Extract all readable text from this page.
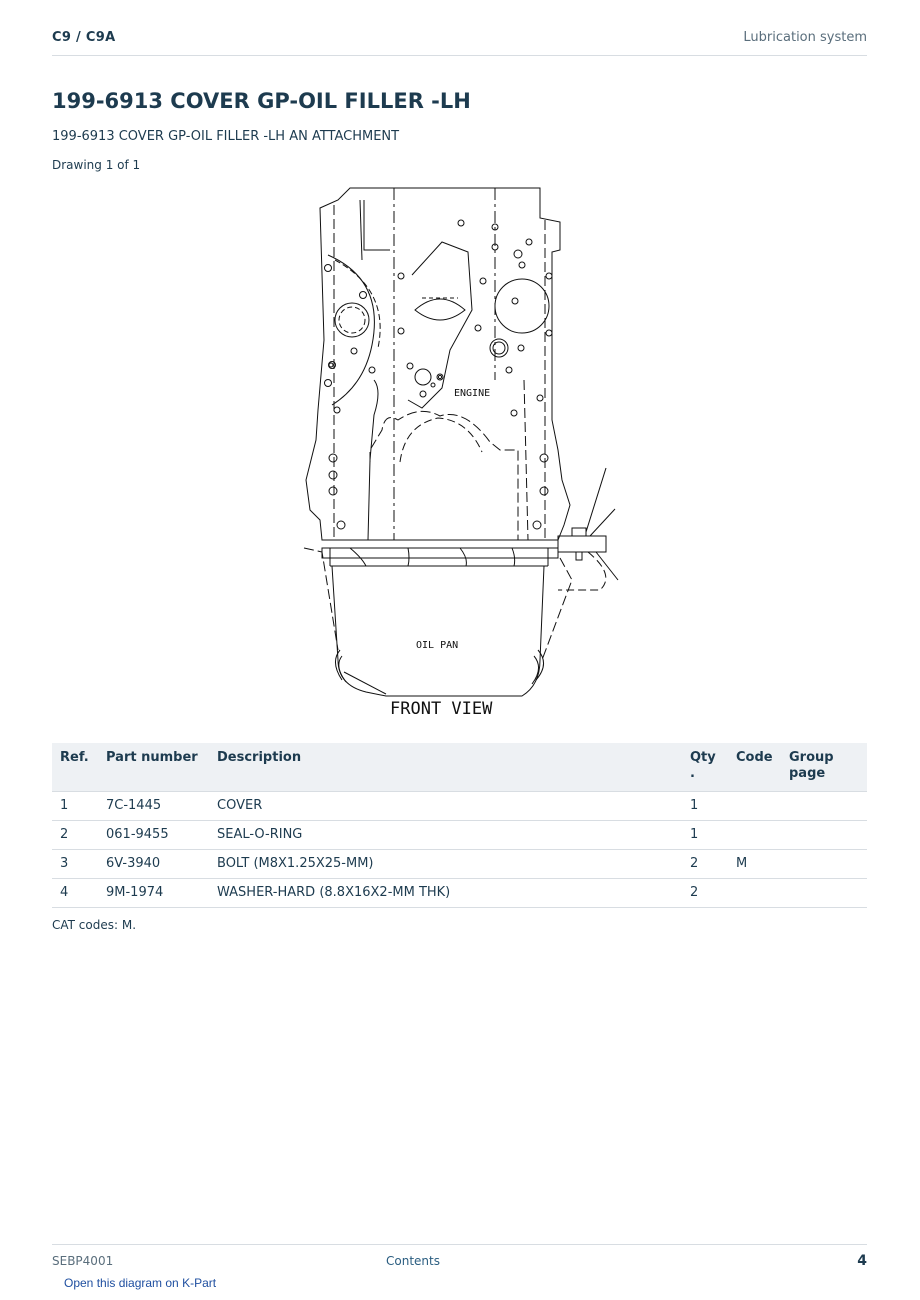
C9 / C9A	Lubrication system
199-6913 COVER GP-OIL FILLER -LH
199-6913 COVER GP-OIL FILLER -LH AN ATTACHMENT
Drawing 1 of 1
ENGINE
OIL PAN
FRONT VIEW
Ref.	Part number	Description	Qty .	Code	Group page
1	7C-1445	COVER	1		
2	061-9455	SEAL-O-RING	1		
3	6V-3940	BOLT (M8X1.25X25-MM)	2	M	
4	9M-1974	WASHER-HARD (8.8X16X2-MM THK)	2		
CAT codes: M.
SEBP4001	Contents	4
Open this diagram on K-Part
